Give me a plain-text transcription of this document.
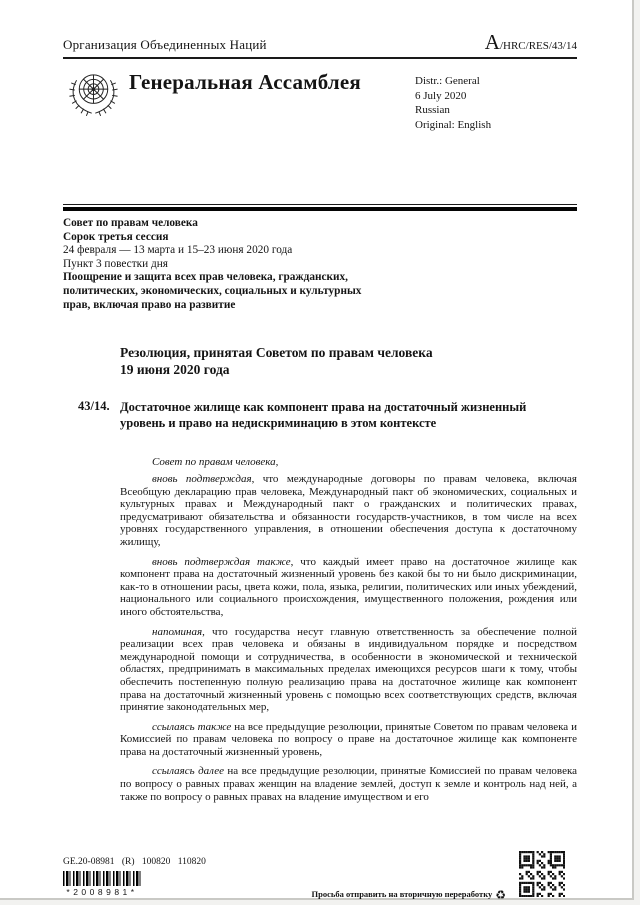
Организация Объединенных Наций	A/HRC/RES/43/14
Генеральная Ассамблея	Distr.: General
6 July 2020
Russian
Original: English
Совет по правам человека
Сорок третья сессия
24 февраля — 13 марта и 15–23 июня 2020 года
Пункт 3 повестки дня
Поощрение и защита всех прав человека, гражданских, политических, экономических, социальных и культурных прав, включая право на развитие
Резолюция, принятая Советом по правам человека
19 июня 2020 года
43/14. Достаточное жилище как компонент права на достаточный жизненный уровень и право на недискриминацию в этом контексте
Совет по правам человека,
вновь подтверждая, что международные договоры по правам человека, включая Всеобщую декларацию прав человека, Международный пакт об экономических, социальных и культурных правах и Международный пакт о гражданских и политических правах, предусматривают обязательства и обязанности государств-участников, в том числе на всех уровнях государственного управления, в отношении обеспечения доступа к достаточному жилищу,
вновь подтверждая также, что каждый имеет право на достаточное жилище как компонент права на достаточный жизненный уровень без какой бы то ни было дискриминации, как-то в отношении расы, цвета кожи, пола, языка, религии, политических или иных убеждений, национального или социального происхождения, имущественного положения, рождения или иного обстоятельства,
напоминая, что государства несут главную ответственность за обеспечение полной реализации всех прав человека и обязаны в индивидуальном порядке и посредством международной помощи и сотрудничества, в особенности в экономической и технической областях, предпринимать в максимальных пределах имеющихся ресурсов шаги к тому, чтобы обеспечить постепенную полную реализацию права на достаточное жилище как компонент права на достаточный жизненный уровень с помощью всех соответствующих средств, включая принятие законодательных мер,
ссылаясь также на все предыдущие резолюции, принятые Советом по правам человека и Комиссией по правам человека по вопросу о праве на достаточное жилище как компоненте права на достаточный жизненный уровень,
ссылаясь далее на все предыдущие резолюции, принятые Комиссией по правам человека по вопросу о равных правах женщин на владение землей, доступ к земле и контроль над ней, а также по вопросу о равных правах на владение имуществом и его
GE.20-08981 (R) 100820 110820
*2008981*	Просьба отправить на вторичную переработку ♻
